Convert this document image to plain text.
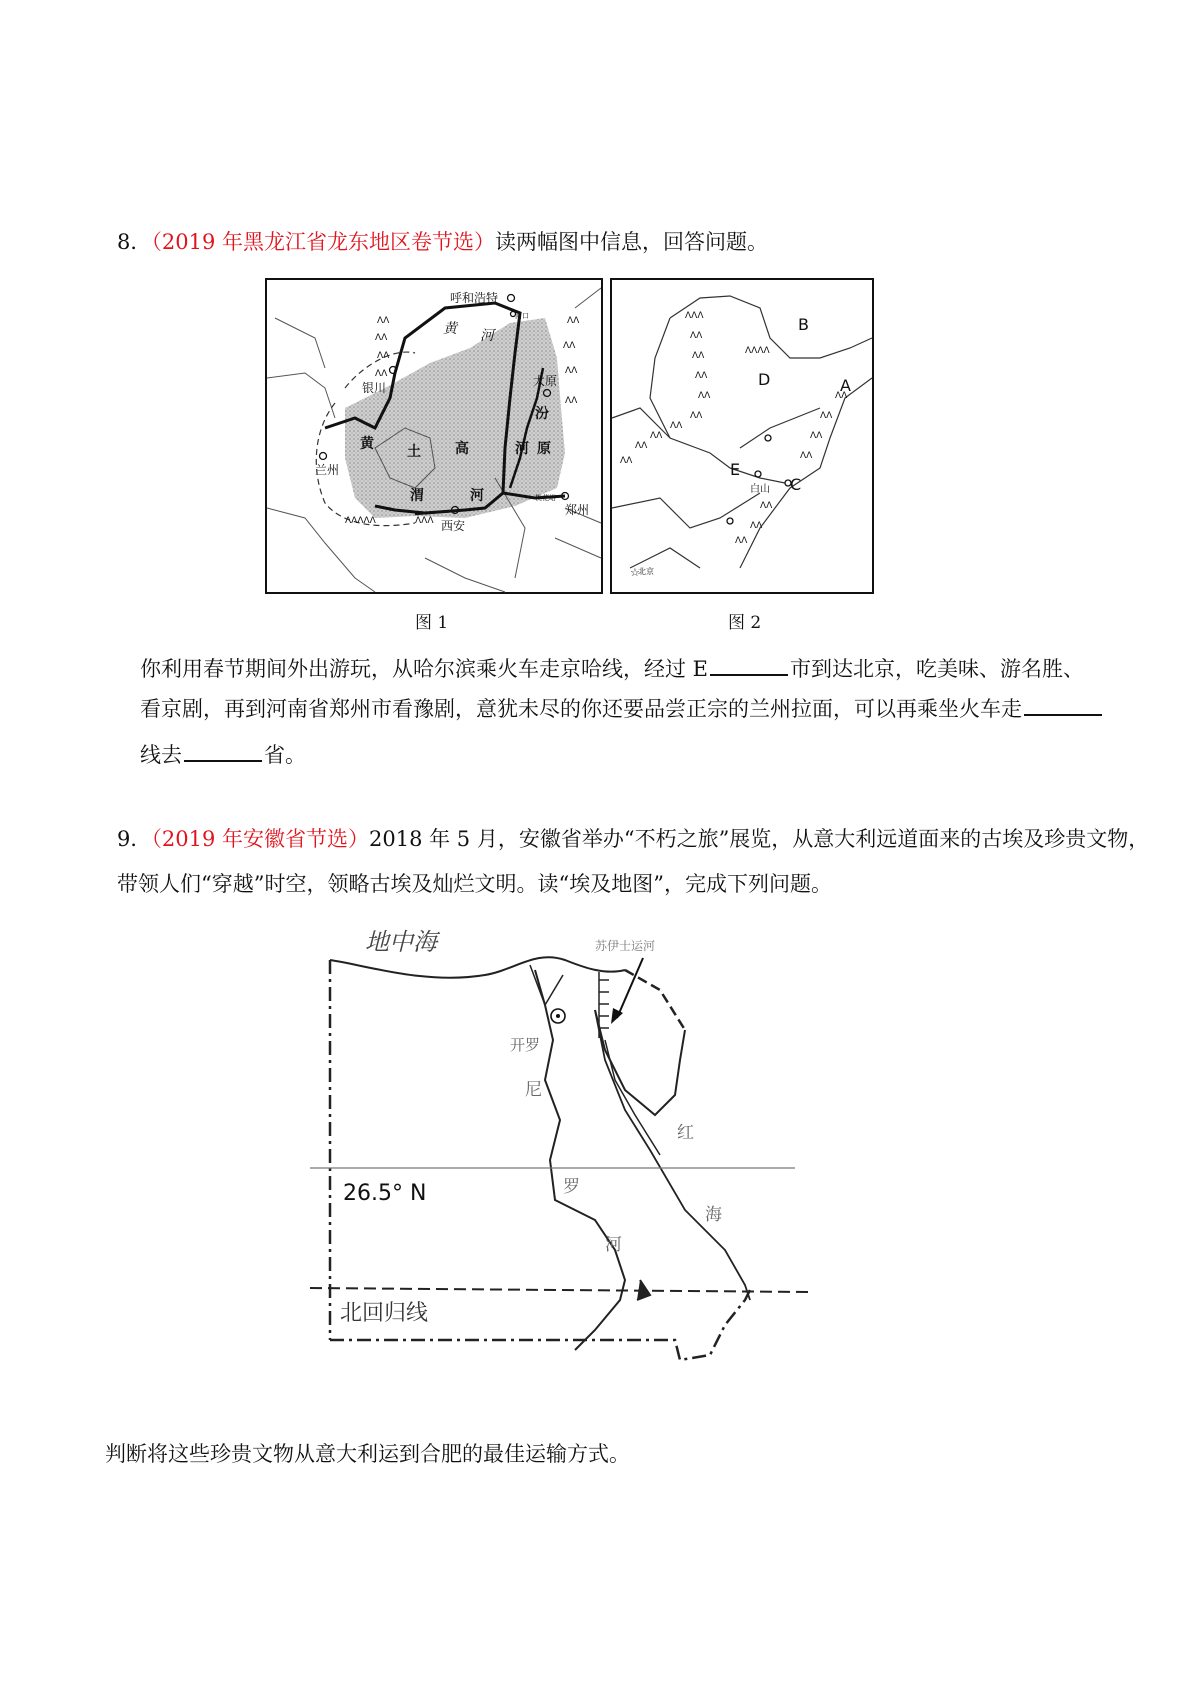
8．（2019 年黑龙江省龙东地区卷节选）读两幅图中信息，回答问题。

ᐱᐱ
ᐱᐱ
ᐱᐱ
ᐱᐱ
ᐱᐱ
ᐱᐱ
ᐱᐱ
ᐱᐱ
ᐱᐱᐱᐱᐱ	ᐱᐱᐱ
呼和浩特
河口
黄 河
银川	太原
汾
兰州
黄 土 高	河 原
渭	河
西安
郑州
桃花峪
图 1
ᐱᐱᐱ
ᐱᐱ
ᐱᐱ
ᐱᐱ
ᐱᐱ
ᐱᐱᐱᐱ
ᐱᐱ
ᐱᐱ
ᐱᐱ
ᐱᐱ
ᐱᐱ
ᐱᐱ
ᐱᐱ
ᐱᐱ
ᐱᐱ
ᐱᐱ
ᐱᐱ
ᐱᐱ
B
D	A
E
C
白山
北京
☆
图 2

你利用春节期间外出游玩，从哈尔滨乘火车走京哈线，经过 E	市到达北京，吃美味、游名胜、

看京剧，再到河南省郑州市看豫剧，意犹未尽的你还要品尝正宗的兰州拉面，可以再乘坐火车走

线去	省。

9．（2019 年安徽省节选）2018 年 5 月，安徽省举办“不朽之旅”展览，从意大利远道面来的古埃及珍贵文物，

带领人们“穿越”时空，领略古埃及灿烂文明。读“埃及地图”，完成下列问题。

地中海	苏伊士运河
开罗
尼
罗
河
红
海
26.5° N
北回归线

判断将这些珍贵文物从意大利运到合肥的最佳运输方式。
